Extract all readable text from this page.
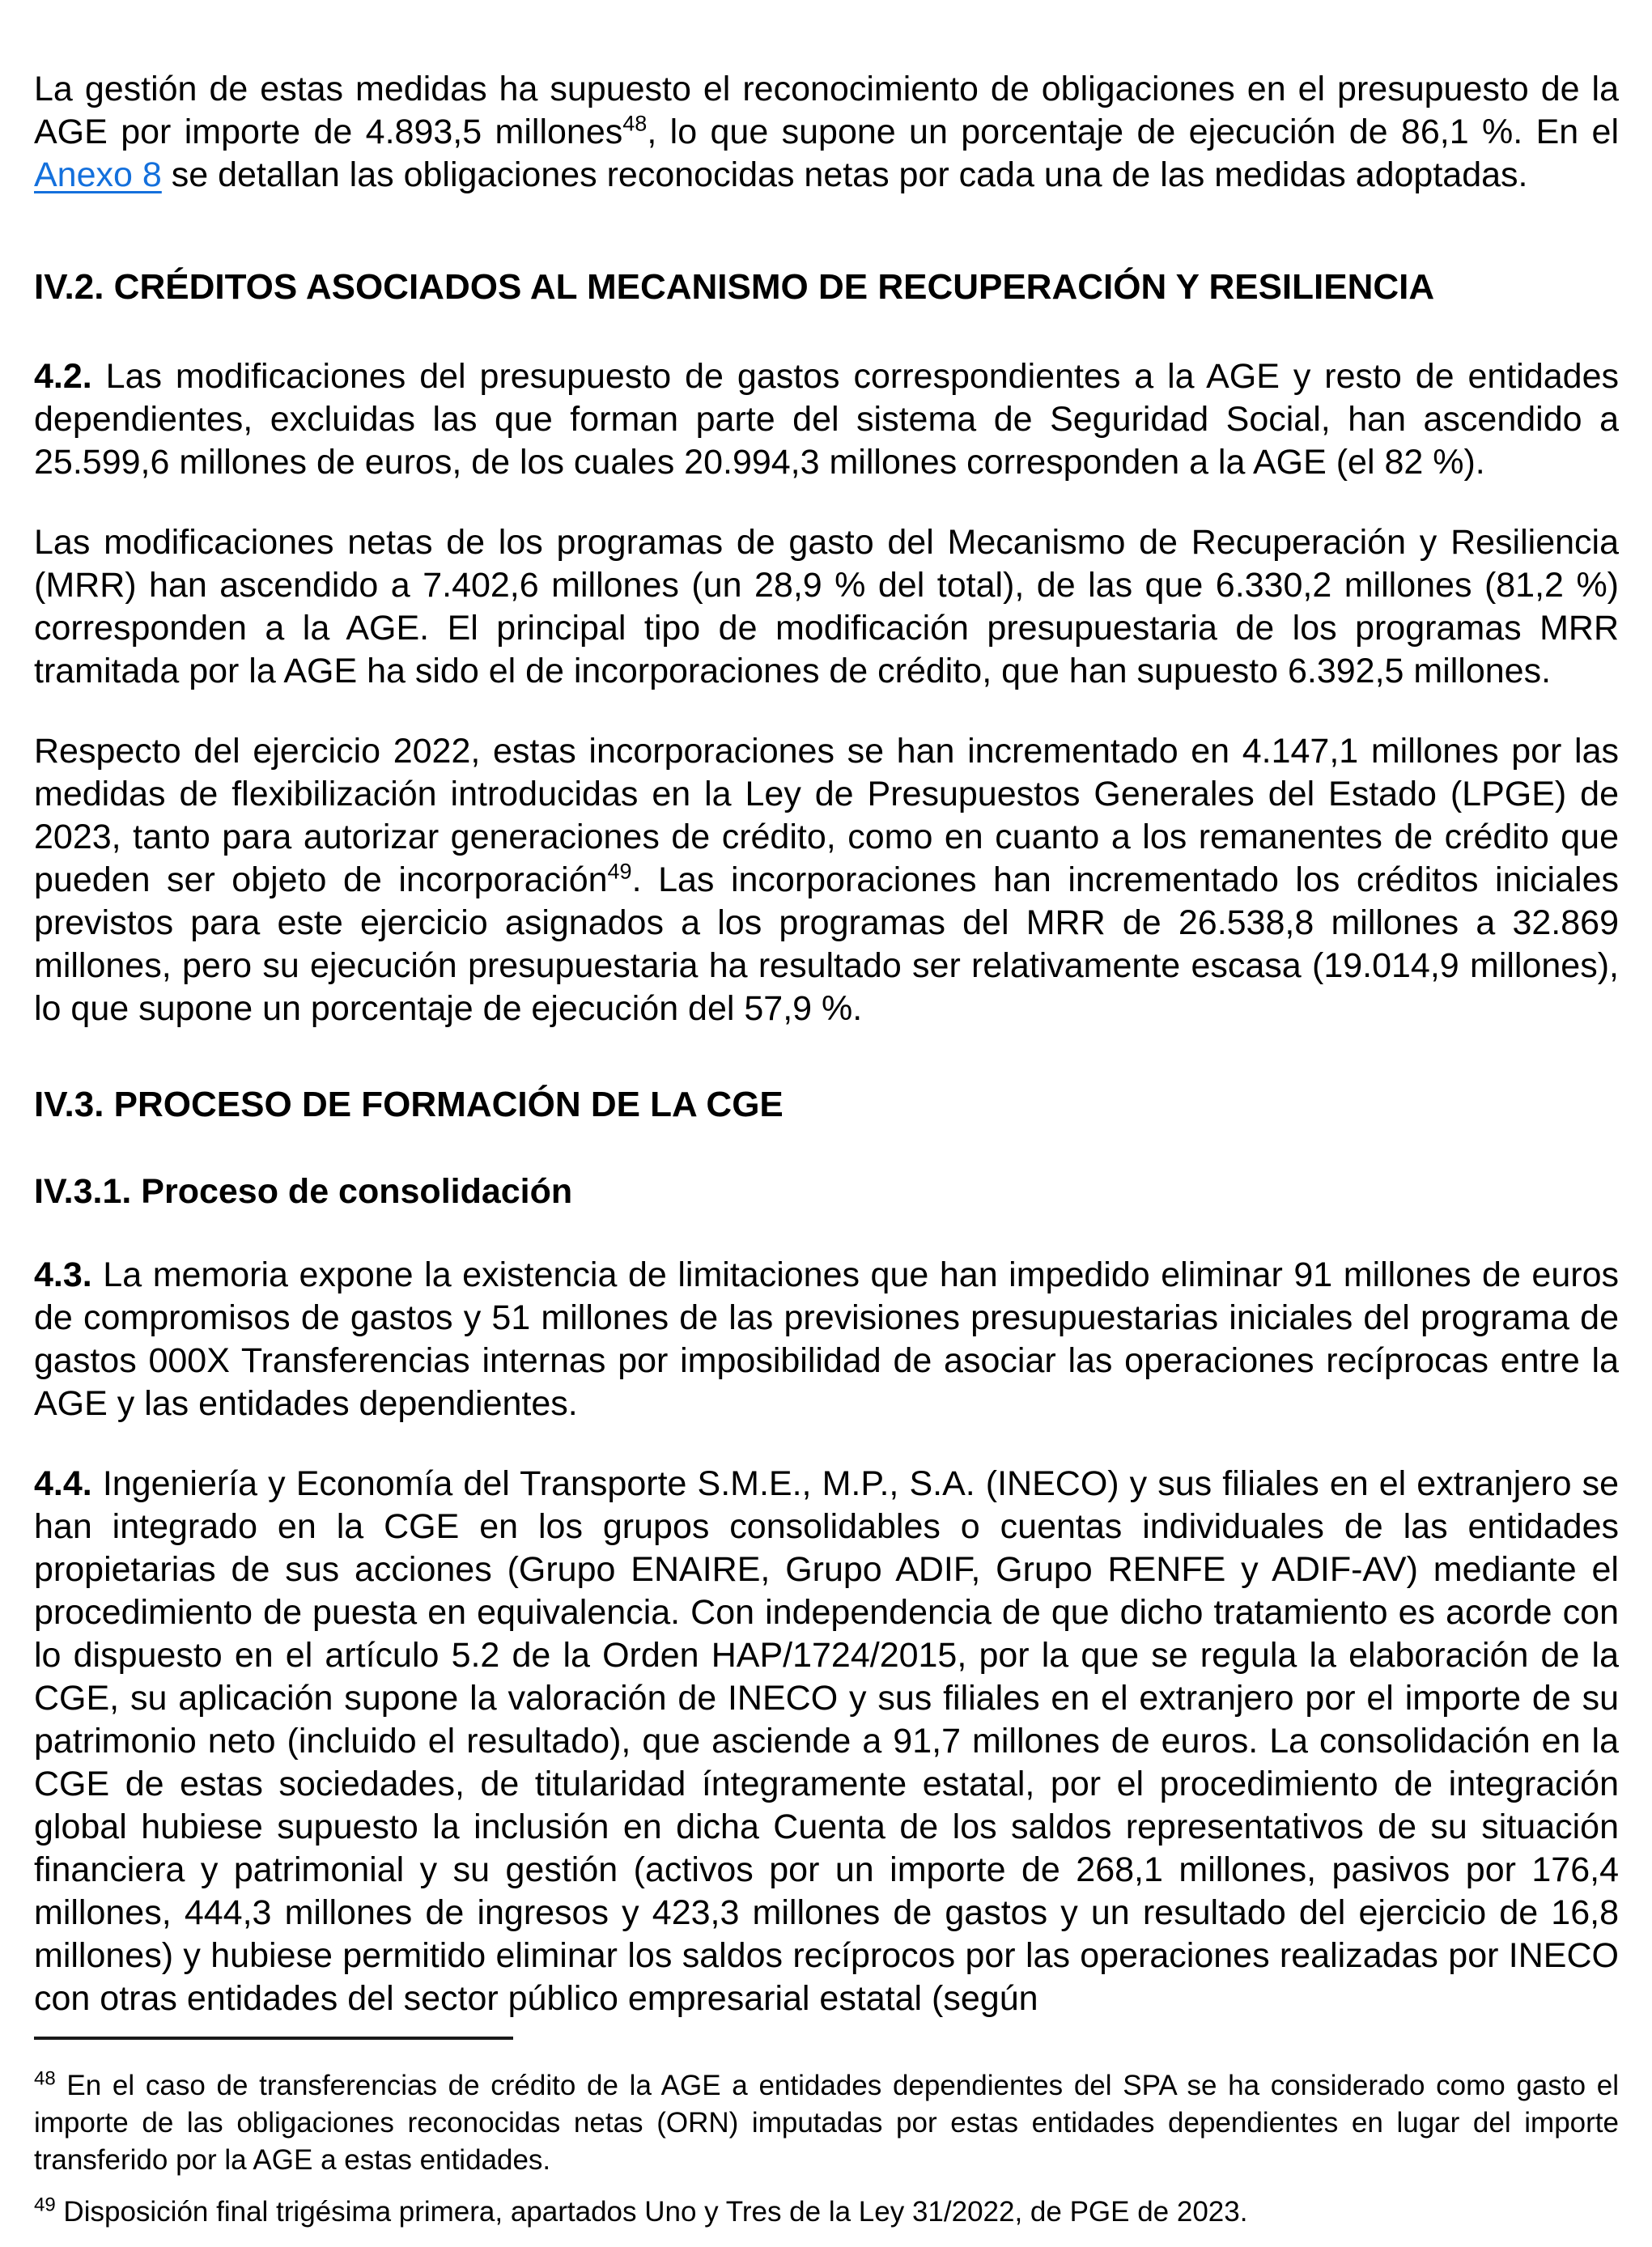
La gestión de estas medidas ha supuesto el reconocimiento de obligaciones en el presupuesto de la AGE por importe de 4.893,5 millones$^{48}$, lo que supone un porcentaje de ejecución de 86,1 %. En el Anexo 8 se detallan las obligaciones reconocidas netas por cada una de las medidas adoptadas.

IV.2. CRÉDITOS ASOCIADOS AL MECANISMO DE RECUPERACIÓN Y RESILIENCIA

4.2. Las modificaciones del presupuesto de gastos correspondientes a la AGE y resto de entidades dependientes, excluidas las que forman parte del sistema de Seguridad Social, han ascendido a 25.599,6 millones de euros, de los cuales 20.994,3 millones corresponden a la AGE (el 82 %).

Las modificaciones netas de los programas de gasto del Mecanismo de Recuperación y Resiliencia (MRR) han ascendido a 7.402,6 millones (un 28,9 % del total), de las que 6.330,2 millones (81,2 %) corresponden a la AGE. El principal tipo de modificación presupuestaria de los programas MRR tramitada por la AGE ha sido el de incorporaciones de crédito, que han supuesto 6.392,5 millones.

Respecto del ejercicio 2022, estas incorporaciones se han incrementado en 4.147,1 millones por las medidas de flexibilización introducidas en la Ley de Presupuestos Generales del Estado (LPGE) de 2023, tanto para autorizar generaciones de crédito, como en cuanto a los remanentes de crédito que pueden ser objeto de incorporación$^{49}$. Las incorporaciones han incrementado los créditos iniciales previstos para este ejercicio asignados a los programas del MRR de 26.538,8 millones a 32.869 millones, pero su ejecución presupuestaria ha resultado ser relativamente escasa (19.014,9 millones), lo que supone un porcentaje de ejecución del 57,9 %.

IV.3. PROCESO DE FORMACIÓN DE LA CGE
IV.3.1. Proceso de consolidación

4.3. La memoria expone la existencia de limitaciones que han impedido eliminar 91 millones de euros de compromisos de gastos y 51 millones de las previsiones presupuestarias iniciales del programa de gastos 000X Transferencias internas por imposibilidad de asociar las operaciones recíprocas entre la AGE y las entidades dependientes.

4.4. Ingeniería y Economía del Transporte S.M.E., M.P., S.A. (INECO) y sus filiales en el extranjero se han integrado en la CGE en los grupos consolidables o cuentas individuales de las entidades propietarias de sus acciones (Grupo ENAIRE, Grupo ADIF, Grupo RENFE y ADIF-AV) mediante el procedimiento de puesta en equivalencia. Con independencia de que dicho tratamiento es acorde con lo dispuesto en el artículo 5.2 de la Orden HAP/1724/2015, por la que se regula la elaboración de la CGE, su aplicación supone la valoración de INECO y sus filiales en el extranjero por el importe de su patrimonio neto (incluido el resultado), que asciende a 91,7 millones de euros. La consolidación en la CGE de estas sociedades, de titularidad íntegramente estatal, por el procedimiento de integración global hubiese supuesto la inclusión en dicha Cuenta de los saldos representativos de su situación financiera y patrimonial y su gestión (activos por un importe de 268,1 millones, pasivos por 176,4 millones, 444,3 millones de ingresos y 423,3 millones de gastos y un resultado del ejercicio de 16,8 millones) y hubiese permitido eliminar los saldos recíprocos por las operaciones realizadas por INECO con otras entidades del sector público empresarial estatal (según

$^{48}$ En el caso de transferencias de crédito de la AGE a entidades dependientes del SPA se ha considerado como gasto el importe de las obligaciones reconocidas netas (ORN) imputadas por estas entidades dependientes en lugar del importe transferido por la AGE a estas entidades.

$^{49}$ Disposición final trigésima primera, apartados Uno y Tres de la Ley 31/2022, de PGE de 2023.
